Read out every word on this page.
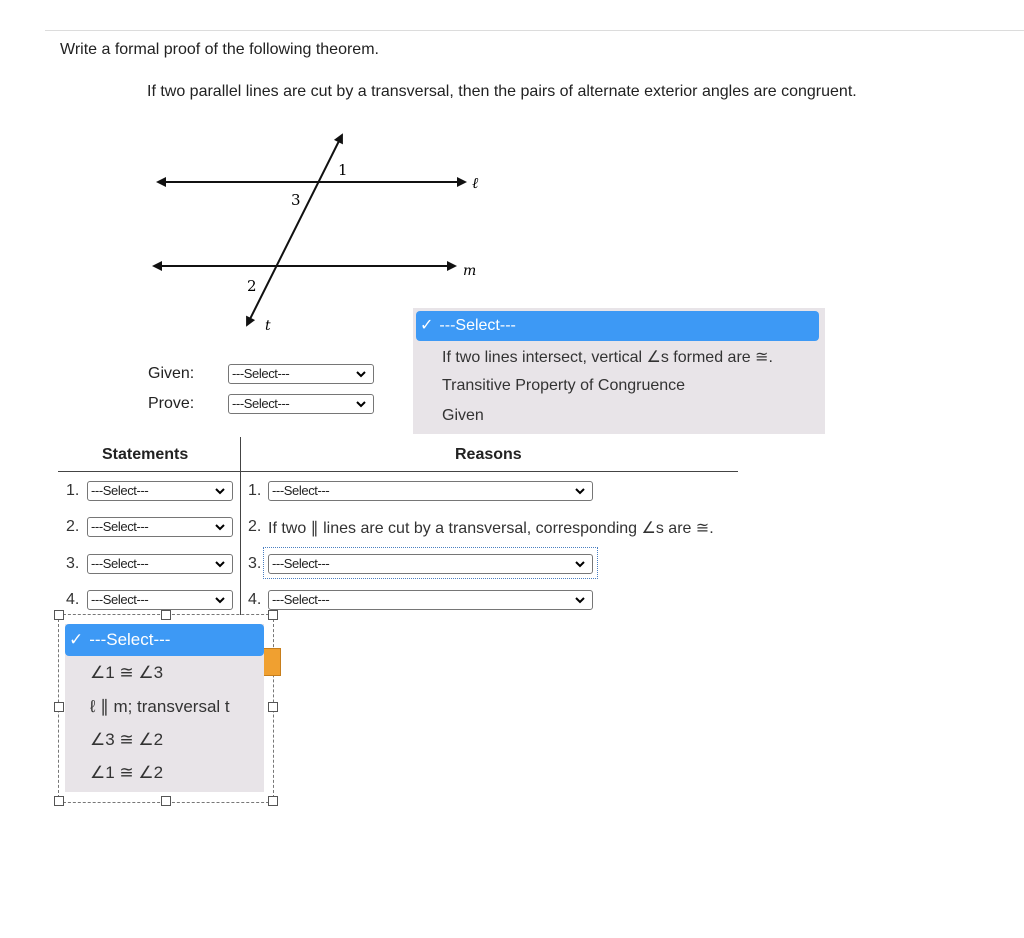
Write a formal proof of the following theorem.
If two parallel lines are cut by a transversal, then the pairs of alternate exterior angles are congruent.
ℓ
m
t
1
3
2
Given:	---Select---
Prove:	---Select---
✓ ---Select---
If two lines intersect, vertical ∠s formed are ≅.
Transitive Property of Congruence
Given
Statements	Reasons
1. ---Select---	1. ---Select---
2. ---Select---	2. If two ∥ lines are cut by a transversal, corresponding ∠s are ≅.
3. ---Select---	3. ---Select---
4. ---Select---	4. ---Select---
✓ ---Select---
∠1 ≅ ∠3
ℓ ∥ m; transversal t
∠3 ≅ ∠2
∠1 ≅ ∠2
